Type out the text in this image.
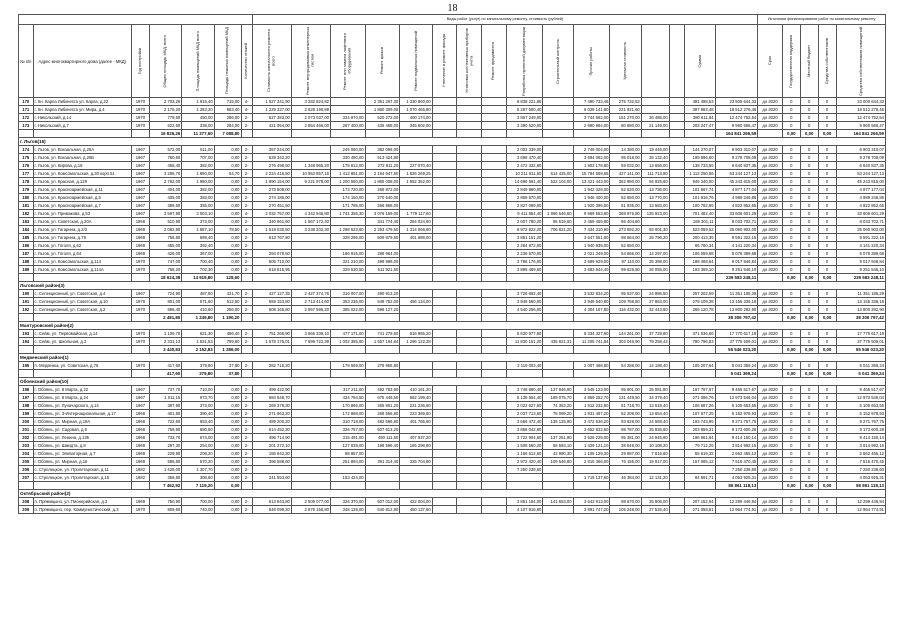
18
							Виды работ (услуг) по капитальному ремонту, стоимость (рублей)																Источники финансирования работ по капитальному ремонту				
№ п/п	Адрес многоквартирного дома (далее - МКД)	Год постройки	Общая площадь МКД, всего	Площадь помещений МКД всего	Площадь нежилых помещений МКД	Количество этажей	Стоимость капитального ремонта всего	Ремонт внутридомовых инженерных систем	Ремонт или замена лифтового оборудования	Ремонт крыши	Ремонт подвальных помещений	Утепление и ремонт фасада	Установка коллективных приборов учета	Ремонт фундамента	Разработка проектной документации	Строительный контроль	Прочие работы	Удельная стоимость			Сумма		Срок	Государственная поддержка	Местный бюджет	Средства собственников	Средства собственников помещений

170	г. Кн. Карла Либкнехта ул. Карла, д.22	1970	2 703,26	1 915,40	715,00	4-	1 527 341,90	3 282 824,82		2 351 267,30	1 330 860,00				6 838 221,86		7 490 733,46	275 732,52			491 498,53	23 505 644,33	до 2020	0	0	0	23 000 644,33
171	г. Кн. Карла Либкнехта ул. Мира, д.4	1970	2 175,20	1 283,20	863,40	4-	1 229 327,00	2 628 190,89		1 860 309,05	1 070 465,80				5 287 500,40		6 029 141,80	221 921,60			387 983,48	18 512 276,46	до 2020	0	0	0	18 512 276,46
172	г. Никольский, д.14	1970	779,50	450,00	286,00	2-	527 383,00	2 073 037,00	334 970,00	520 272,00	400 174,00				3 857 249,00		3 744 662,00	151 270,00	26 486,00		380 611,84	12 474 752,54	до 2020	0	0	0	12 474 752,54
173	г. Никольский, д.7	1970	622,50	338,00	284,00	2-	421 054,00	2 854 466,00	267 400,00	435 468,00	345 602,00				3 390 520,00		2 990 884,00	80 680,00	21 149,00		203 247,47	9 960 566,47	до 2020	0	0	0	9 960 566,47
			16 826,26	11 377,60	7 088,80																	164 841 266,59		0,00	0,00	0,00	164 841 266,59
г. Льгов(15)																											
174	г. Льгов, ул. Вокзальная, д.25А	1967	572,00	511,00	0,00	2-	357 244,00		245 060,00	382 096,00					2 002 339,00		2 749 004,00	14 380,00	19 446,00		144 270,07	6 903 310,07	до 2020	0	0	0	6 903 310,07
175	г. Льгов, ул. Вокзальная, д.25Б	1967	760,60	707,00	0,00	2-	529 342,20		330 490,00	513 424,80					3 698 470,40		3 694 062,00	95 018,00	26 132,40		199 696,60	9 278 708,09	до 2020	0	0	0	9 278 708,09
176	г. Льгов, ул. Кирова, д.18	1967	458,40	382,00	0,00	2-	276 498,50	1 348 965,20	175 812,00	272 811,20	227 070,40				2 472 332,80		1 903 178,80	59 032,00	13 656,00		138 733,55	6 640 837,35	до 2020	0	0	0	6 640 837,35
177	г. Льгов, ул. Комсомольская, д.30 корп.51	1967	3 285,70	1 890,00	54,70	2-	2 224 416,50	10 952 857,15	1 412 851,00	2 194 947,60	1 826 269,25				10 211 911,50	614 425,00	15 784 559,65	427 141,00	111 713,80		1 112 250,56	53 244 127,13	до 2020	0	0	0	53 244 127,13
178	г. Льгов, ул. Красная, д.129	1967	2 762,00	1 980,00	0,00	2-	1 890 154,00	9 221 978,00	1 200 580,00	1 865 008,00	1 552 352,00				14 696 591,40	522 104,00	13 421 443,00	362 980,00	94 925,60		945 340,00	45 243 815,00	до 2020	0	0	0	45 243 815,00
179	г. Льгов, ул. Красноармейская, д.11	1967	404,00	382,00	0,00	2-	273 508,00		173 720,00	269 872,00					2 849 860,00		1 942 328,00	52 520,00	13 736,00		101 667,74	4 877 177,04	до 2020	0	0	0	4 877 177,04
180	г. Льгов, ул. Красноармейская, д.5	1967	405,00	383,00	0,00	2-	274 185,00		174 150,00	270 540,00					2 859 870,00		1 946 400,00	52 650,00	13 770,00		101 916,76	4 989 246,86	до 2020	0	0	0	4 989 246,86
181	г. Льгов, ул. Красноармейская, д.7	1967	389,50	355,00	0,00	2-	270 451,50		171 785,00	266 866,00					2 827 099,00		1 920 395,50	51 935,00	13 583,00		100 782,65	4 822 852,65	до 2020	0	0	0	4 822 852,65
182	г. Льгов, ул. Примакова, д.53	1967	3 597,90	3 003,10	0,00	4-	2 032 757,00	4 342 946,80	1 741 355,30	3 076 159,00	1 779 117,60				9 411 854,40	1 866 546,60	9 969 553,80	368 975,80	125 923,00		701 482,40	33 606 601,29	до 2020	0	0	0	33 606 601,29
183	г. Льгов, ул. Советская, д.20А	1956	510,90	373,00	0,00	2-	340 861,60	1 667 172,40		341 774,40	284 024,60				2 607 780,20	95 519,60	2 459 455,80	66 404,60			169 301,11	8 033 702,71	до 2020	0	0	0	8 033 702,71
184	г. Льгов, ул. Гагарина, д.2/2	1969	2 082,90	1 887,10	78,50	4-	1 519 030,50	3 238 202,30	1 298 523,60	2 293 479,50	1 314 066,60				6 972 822,20	706 821,20	7 434 310,90	273 592,20	93 001,30		523 059,52	25 060 902,00	до 2020	0	0	0	25 060 902,00
185	г. Льгов, ул. Гагарина, д.79	1969	756,80	689,40	0,00	2-	513 767,80		328 296,00	509 879,60	401 888,00				3 851 151,20		3 647 551,80	98 664,00	25 796,20		200 413,35	9 591 322,15	до 2020	0	0	0	9 591 322,15
186	г. Льгов, ул. Гоголя, д.62	1969	455,00	392,40	0,00	2-									2 284 872,00		1 940 835,00	52 650,00			86 760,34	4 141 220,34	до 2020	0	0	0	4 141 220,34
187	г. Льгов, ул. Гоголя, д.64	1969	426,00	367,00	0,00	2-	294 078,50		186 915,00	288 964,00					2 236 870,00		2 021 349,00	54 666,00	14 297,00		106 059,88	5 076 389,68	до 2020	0	0	0	5 076 389,68
188	г. Льгов, ул. Комсомольская, д.114	1970	747,00	700,40	0,00	2-	505 710,00		321 210,00	498 996,00					3 796 176,00		3 589 929,00	97 110,00	25 398,00		188 468,64	9 017 946,84	до 2020	0	0	0	9 017 946,84
189	г. Льгов, ул. Комсомольская, д.114А	1970	768,20	702,30	0,00	2-	518 615,95		329 530,50	511 921,60					3 895 469,60		3 683 844,40	99 625,50	26 055,00		193 369,10	9 251 546,10	до 2020	0	0	0	9 251 546,10
			18 624,38	14 919,80	128,60																	239 583 248,11		0,00	0,00	0,00	239 583 248,11
Льговский район(3)																											
190	с. Селекционный, ул. Советская, д.4	1967	724,90	487,60	421,70	2-	427 127,35	2 427 374,76	316 007,00	490 913,20					3 726 662,40		3 532 834,20	95 537,60	24 986,50		257 202,59	11 351 185,29	до 2020	0	0	0	11 351 185,29
191	с. Селекционный, ул. Советская, д.10	1976	801,00	571,60	512,50	2-	559 153,80	2 713 414,60	353 236,00	548 752,00	456 134,00				3 948 560,00		3 949 540,80	109 758,80	27 863,00		279 109,38	13 155 336,18	до 2020	0	0	0	13 155 336,18
192	с. Селекционный, ул. Советская, д.2	1970	896,40	410,60	256,00	2-	608 165,80	2 957 595,20	385 022,00	598 127,20					4 540 256,00		4 304 167,80	116 432,00	32 443,60		265 120,78	13 800 282,90	до 2020	0	0	0	13 800 282,90
			2 481,80	1 249,80	1 190,20																	38 306 797,42		0,00	0,00	0,00	38 306 797,42
Мантуровский район(2)																											
193	с. Сейм, ул. Первомайская, д.14	1970	1 109,70	621,30	486,40	2-	751 266,90	3 665 339,10	477 171,00	741 279,60	616 965,20				5 630 977,80		5 334 327,90	144 261,00	37 729,80		371 536,86	17 770 617,19	до 2020	0	0	0	17 770 617,19
194	с. Сейм, ул. Школьная, д.3	1970	2 331,13	1 531,53	799,60	2-	1 578 175,01	7 699 722,39	1 002 385,90	1 557 194,84	1 296 122,28				11 830 151,20	435 821,31	11 205 741,84	303 046,90	79 258,42		780 796,83	37 775 506,01	до 2020	0	0	0	37 775 506,01
			3 440,83	2 152,83	1 286,00																	55 546 023,20		0,00	0,00	0,00	55 546 023,20
Медвенский район(1)																											
195	п. Медвенка, ул. Советская, д.76	1970	417,60	379,80	37,80	2-	282 715,20		179 569,00	278 956,80					2 119 003,40		2 007 468,80	54 288,00	14 198,40		105 207,64	5 041 369,24	до 2020	0	0	0	5 041 369,24
			417,60	379,80	37,80																	5 041 369,24		0,00	0,00	0,00	5 041 369,24
Обоянский район(10)																											
196	г. Обоянь, ул. 8 Марта, д.22	1967	737,70	710,00	0,00	2-	499 422,90		317 211,00	492 783,60	410 161,20				3 748 880,40	137 946,90	3 545 123,00	95 901,00	25 081,80		197 767,67	9 465 517,67	до 2020	0	0	0	9 465 517,67
197	г. Обоянь, ул. 8 Марта, д.24	1967	1 011,15	973,70	0,00	2-	684 548,70		434 794,50	675 448,50	562 199,40				5 138 554,40	189 075,70	4 859 252,70	131 449,50	34 379,40		271 086,76	12 973 546,04	до 2020	0	0	0	12 973 546,04
198	г. Обоянь, ул. Луначарского, д.14	1967	397,90	373,00	0,00	2-	269 378,30		170 866,00	265 801,20	221 236,60				2 022 627,50	74 353,20	1 912 232,80	51 718,70	13 518,40		106 687,26	5 105 653,55	до 2020	0	0	0	5 105 653,55
199	г. Обоянь, ул. 3-Интернациональная, д.17	1966	401,80	390,40	0,00	2-	271 963,20		172 868,00	268 556,80	223 369,60				2 037 713,60	75 099,20	1 931 487,20	52 208,00	13 654,40		107 677,25	5 152 978,93	до 2020	0	0	0	5 152 978,93
200	г. Обоянь, ул. Мирная, д.19А	1966	722,60	653,40	0,00	2-	489 200,20		310 718,00	482 696,80	401 765,60				3 666 472,40	135 125,90	3 472 536,20	93 928,00	24 568,40		193 743,95	9 271 767,75	до 2020	0	0	0	9 271 767,75
201	г. Обоянь, ул. Садовая, д.6	1966	759,90	680,50	0,00	2-	514 452,30		326 757,00	507 613,20					3 856 042,80		3 652 832,60	98 787,00	25 836,60		203 659,31	9 173 600,28	до 2020	0	0	0	9 173 600,28
202	г. Обоянь, ул. Ленина, д.135	1966	733,70	674,00	0,00	2-	496 714,90		315 491,00	490 111,60	407 937,20				3 722 904,60	137 251,90	3 526 225,00	95 381,00	24 945,80		196 661,64	9 414 150,14	до 2020	0	0	0	9 414 150,14
203	г. Обоянь, ул. Шмидта, д.8	1969	297,30	254,00	0,00	2-	201 272,10		127 839,00	198 596,40	165 298,80				1 508 560,20	55 593,10	1 429 121,10	38 649,00	10 108,20		79 712,25	3 814 992,15	до 2020	0	0	0	3 814 992,15
204	г. Обоянь, ул. Элеваторная, д.7	1969	229,90	208,20	0,00	2-	155 642,30		98 857,00						1 166 512,60	42 990,30	1 105 129,30	29 887,00	7 816,60		55 619,32	2 662 455,12	до 2020	0	0	0	2 662 455,12
205	г. Обоянь, ул. Мирная, д.16	1969	586,80	570,20	0,00	2-	396 588,60		251 894,00	391 314,40	325 704,80				2 972 420,40	109 546,80	2 815 366,00	76 155,00	19 917,00		157 085,12	7 516 470,45	до 2020	0	0	0	7 516 470,45
206	с. Стрелецкое, ул. Пролетарская, д.11	1982	1 428,00	1 307,70	0,00	2-									7 250 238,60							7 250 238,60	до 2020	0	0	0	7 250 238,60
207	с. Стрелецкое, ул. Пролетарская, д.15	1982	356,80	308,60	0,00	2-	241 553,60		153 424,00								1 715 137,60	46 384,00	12 131,20		84 691,71	4 053 925,31	до 2020	0	0	0	4 053 925,31
			7 462,92	7 119,20	0,00																	86 861 118,13		0,00	0,00	0,00	86 861 118,13
Октябрьский район(2)																											
208	п. Прямицыно, ул. Пионерийская, д.3	1969	750,90	700,00	0,00	2-	513 843,80	2 509 077,00	326 370,00	507 012,00	422 004,00				3 851 184,00	141 653,00	3 643 913,00	98 670,00	25 806,00		207 152,94	12 299 446,94	до 2020	0	0	0	12 299 446,94
209	п. Прямицыно, пер. Коммунистический, д.3	1970	809,60	740,00	0,00	2-	548 099,20	2 676 156,80	348 128,00	540 812,80	450 137,60				4 107 916,80		3 891 747,20	105 248,00	27 526,40		271 058,61	12 964 774,91	до 2020	0	0	0	12 964 774,91
